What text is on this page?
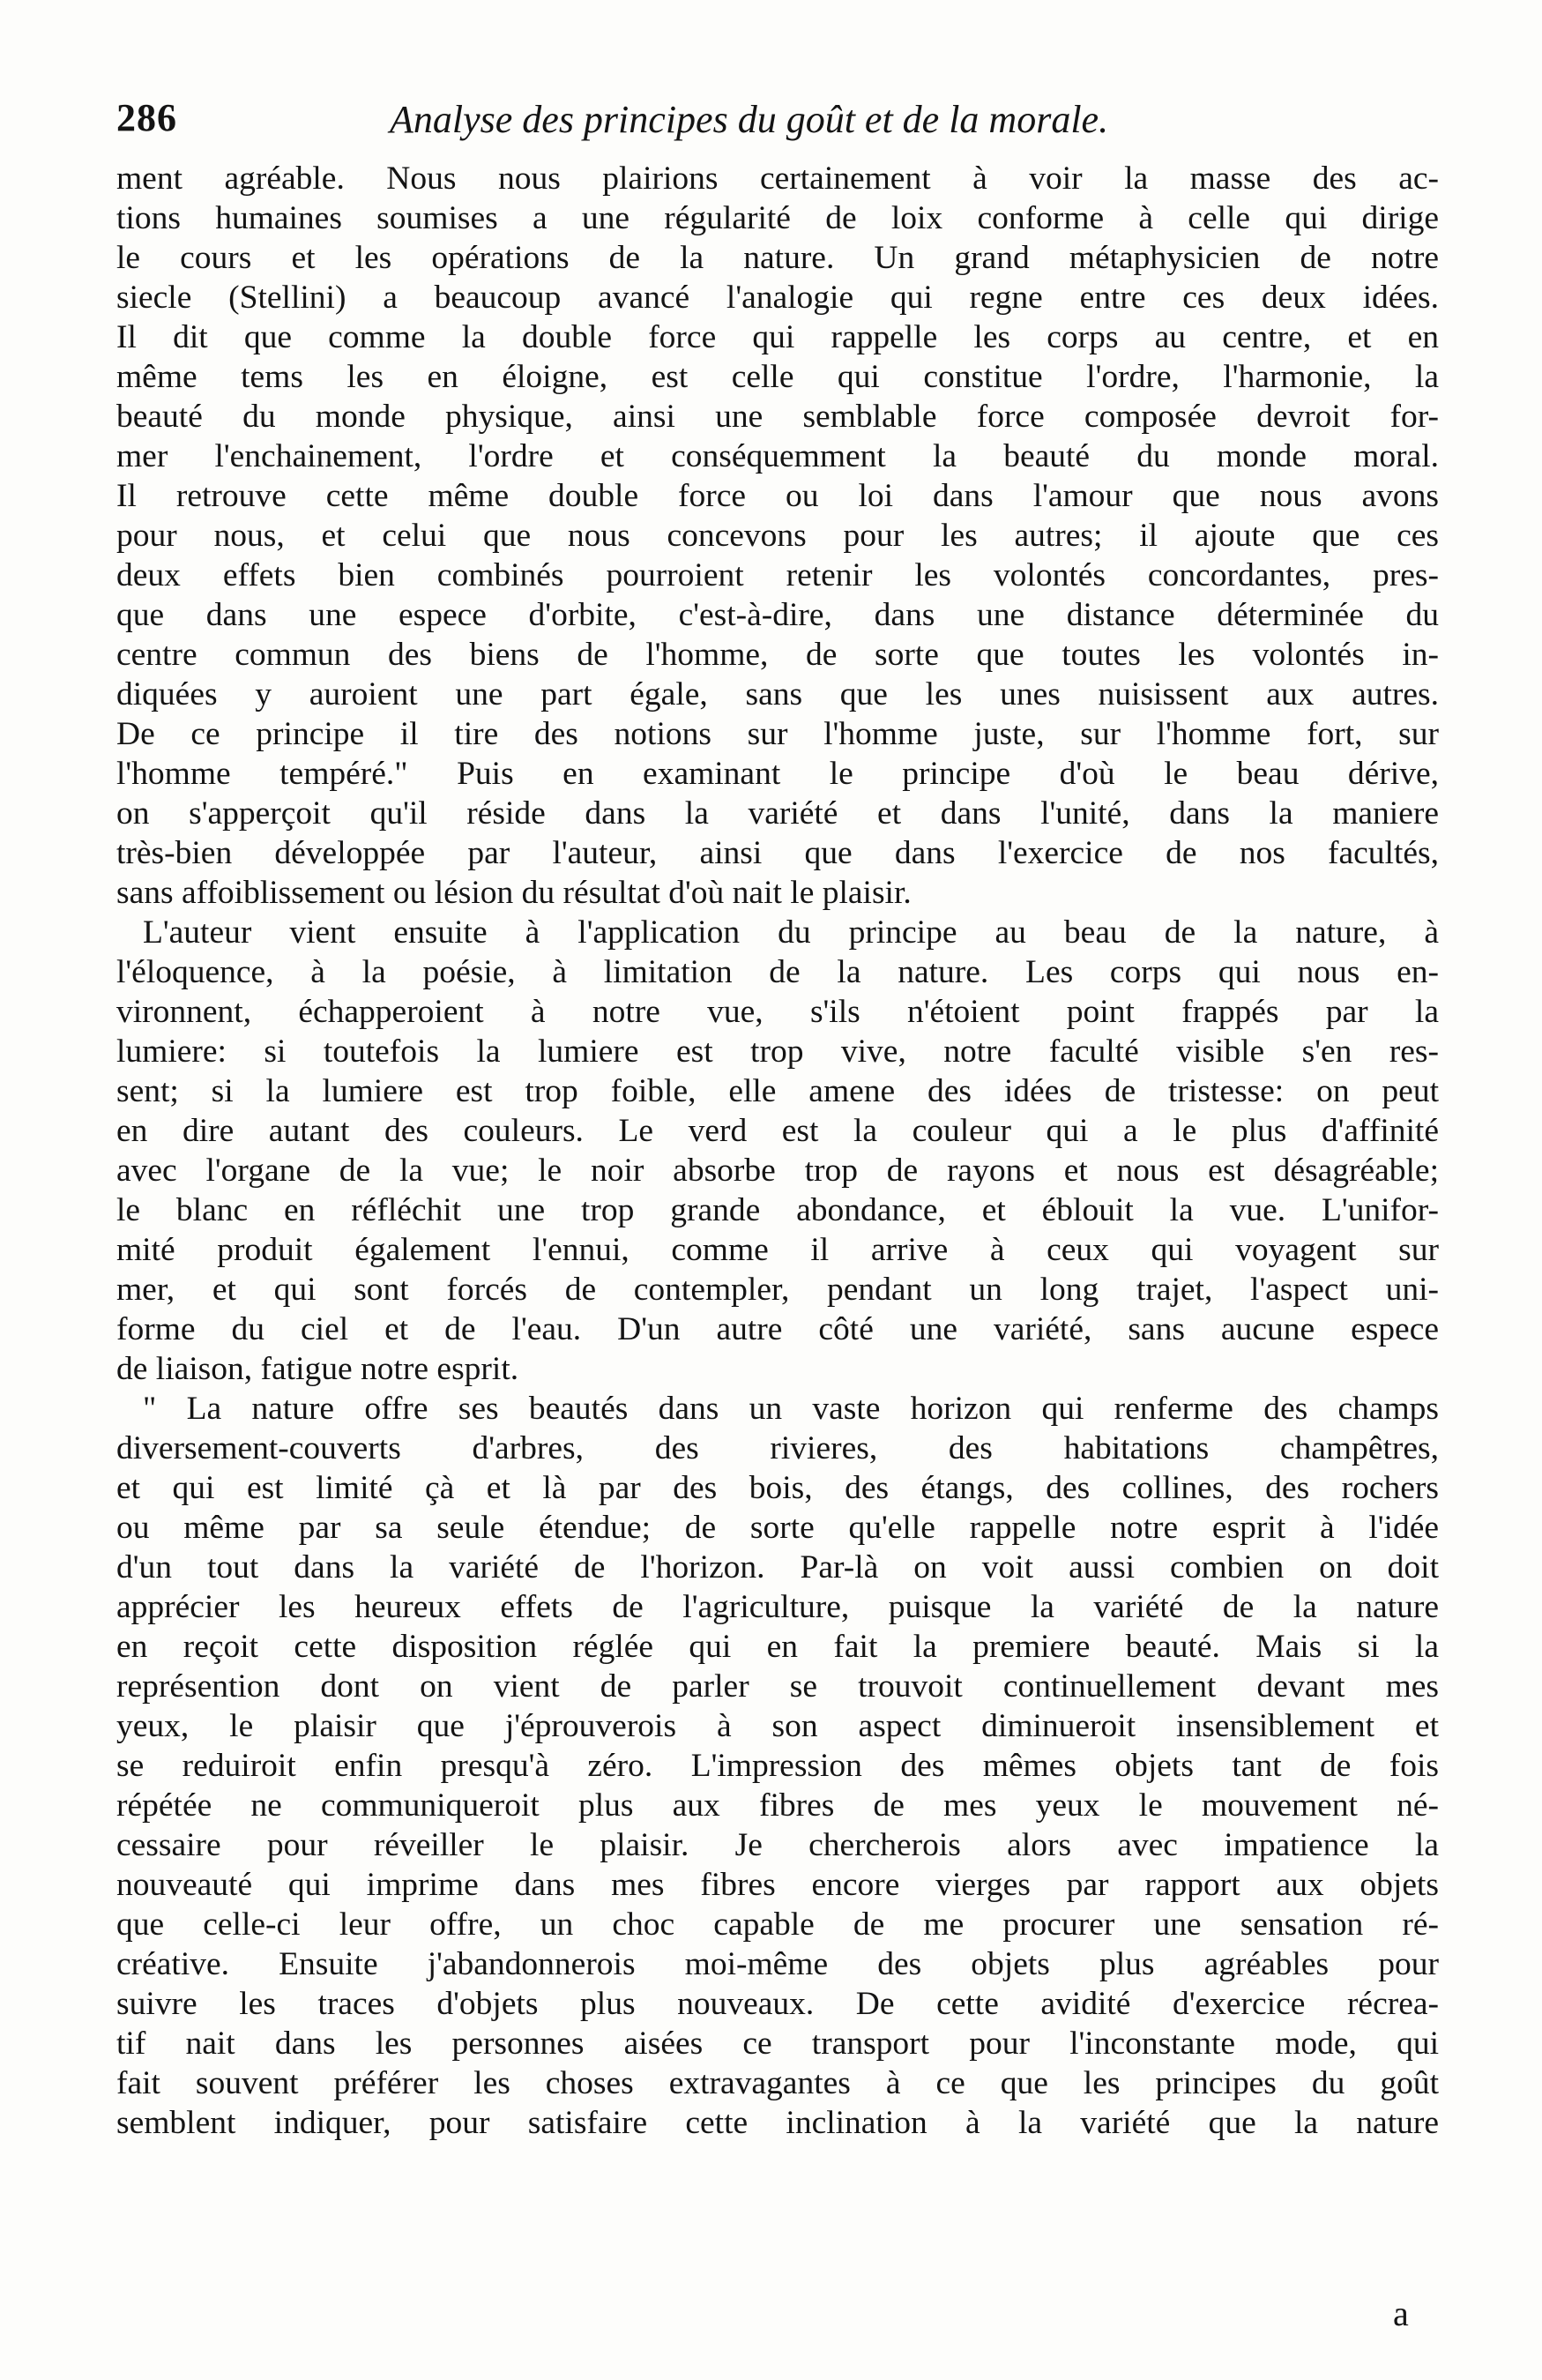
286	Analyse des principes du goût et de la morale.
ment agréable. Nous nous plairions certainement à voir la masse des ac-
tions humaines soumises a une régularité de loix conforme à celle qui dirige
le cours et les opérations de la nature. Un grand métaphysicien de notre
siecle (Stellini) a beaucoup avancé l'analogie qui regne entre ces deux idées.
Il dit que comme la double force qui rappelle les corps au centre, et en
même tems les en éloigne, est celle qui constitue l'ordre, l'harmonie, la
beauté du monde physique, ainsi une semblable force composée devroit for-
mer l'enchainement, l'ordre et conséquemment la beauté du monde moral.
Il retrouve cette même double force ou loi dans l'amour que nous avons
pour nous, et celui que nous concevons pour les autres; il ajoute que ces
deux effets bien combinés pourroient retenir les volontés concordantes, pres-
que dans une espece d'orbite, c'est-à-dire, dans une distance déterminée du
centre commun des biens de l'homme, de sorte que toutes les volontés in-
diquées y auroient une part égale, sans que les unes nuisissent aux autres.
De ce principe il tire des notions sur l'homme juste, sur l'homme fort, sur
l'homme tempéré." Puis en examinant le principe d'où le beau dérive,
on s'apperçoit qu'il réside dans la variété et dans l'unité, dans la maniere
très-bien développée par l'auteur, ainsi que dans l'exercice de nos facultés,
sans affoiblissement ou lésion du résultat d'où nait le plaisir.
L'auteur vient ensuite à l'application du principe au beau de la nature, à
l'éloquence, à la poésie, à limitation de la nature. Les corps qui nous en-
vironnent, échapperoient à notre vue, s'ils n'étoient point frappés par la
lumiere: si toutefois la lumiere est trop vive, notre faculté visible s'en res-
sent; si la lumiere est trop foible, elle amene des idées de tristesse: on peut
en dire autant des couleurs. Le verd est la couleur qui a le plus d'affinité
avec l'organe de la vue; le noir absorbe trop de rayons et nous est désagréable;
le blanc en réfléchit une trop grande abondance, et éblouit la vue. L'unifor-
mité produit également l'ennui, comme il arrive à ceux qui voyagent sur
mer, et qui sont forcés de contempler, pendant un long trajet, l'aspect uni-
forme du ciel et de l'eau. D'un autre côté une variété, sans aucune espece
de liaison, fatigue notre esprit.
" La nature offre ses beautés dans un vaste horizon qui renferme des champs
diversement-couverts d'arbres, des rivieres, des habitations champêtres,
et qui est limité çà et là par des bois, des étangs, des collines, des rochers
ou même par sa seule étendue; de sorte qu'elle rappelle notre esprit à l'idée
d'un tout dans la variété de l'horizon. Par-là on voit aussi combien on doit
apprécier les heureux effets de l'agriculture, puisque la variété de la nature
en reçoit cette disposition réglée qui en fait la premiere beauté. Mais si la
représention dont on vient de parler se trouvoit continuellement devant mes
yeux, le plaisir que j'éprouverois à son aspect diminueroit insensiblement et
se reduiroit enfin presqu'à zéro. L'impression des mêmes objets tant de fois
répétée ne communiqueroit plus aux fibres de mes yeux le mouvement né-
cessaire pour réveiller le plaisir. Je chercherois alors avec impatience la
nouveauté qui imprime dans mes fibres encore vierges par rapport aux objets
que celle-ci leur offre, un choc capable de me procurer une sensation ré-
créative. Ensuite j'abandonnerois moi-même des objets plus agréables pour
suivre les traces d'objets plus nouveaux. De cette avidité d'exercice récrea-
tif nait dans les personnes aisées ce transport pour l'inconstante mode, qui
fait souvent préférer les choses extravagantes à ce que les principes du goût
semblent indiquer, pour satisfaire cette inclination à la variété que la nature
a
